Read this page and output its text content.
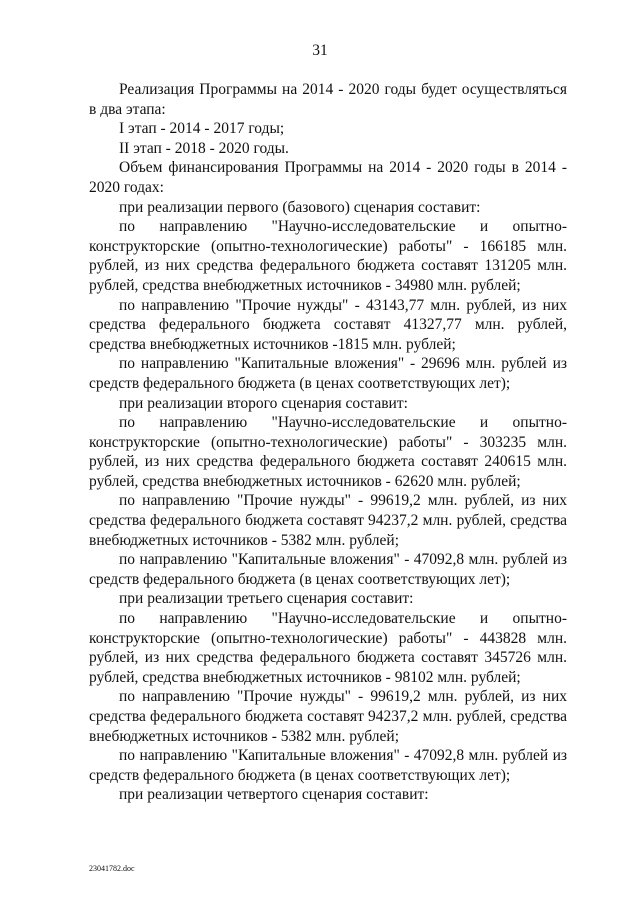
31

Реализация Программы на 2014 - 2020 годы будет осуществляться в два этапа:

I этап - 2014 - 2017 годы;

II этап - 2018 - 2020 годы.

Объем финансирования Программы на 2014 - 2020 годы в 2014 - 2020 годах:

при реализации первого (базового) сценария составит:

по направлению "Научно-исследовательские и опытно-конструкторские (опытно-технологические) работы" - 166185 млн. рублей, из них средства федерального бюджета составят 131205 млн. рублей, средства внебюджетных источников - 34980 млн. рублей;

по направлению "Прочие нужды" - 43143,77 млн. рублей, из них средства федерального бюджета составят 41327,77 млн. рублей, средства внебюджетных источников -1815 млн. рублей;

по направлению "Капитальные вложения" - 29696 млн. рублей из средств федерального бюджета (в ценах соответствующих лет);

при реализации второго сценария составит:

по направлению "Научно-исследовательские и опытно-конструкторские (опытно-технологические) работы" - 303235 млн. рублей, из них средства федерального бюджета составят 240615 млн. рублей, средства внебюджетных источников - 62620 млн. рублей;

по направлению "Прочие нужды" - 99619,2 млн. рублей, из них средства федерального бюджета составят 94237,2 млн. рублей, средства внебюджетных источников - 5382 млн. рублей;

по направлению "Капитальные вложения" - 47092,8 млн. рублей из средств федерального бюджета (в ценах соответствующих лет);

при реализации третьего сценария составит:

по направлению "Научно-исследовательские и опытно-конструкторские (опытно-технологические) работы" - 443828 млн. рублей, из них средства федерального бюджета составят 345726 млн. рублей, средства внебюджетных источников - 98102 млн. рублей;

по направлению "Прочие нужды" - 99619,2 млн. рублей, из них средства федерального бюджета составят 94237,2 млн. рублей, средства внебюджетных источников - 5382 млн. рублей;

по направлению "Капитальные вложения" - 47092,8 млн. рублей из средств федерального бюджета (в ценах соответствующих лет);

при реализации четвертого сценария составит:

23041782.doc
